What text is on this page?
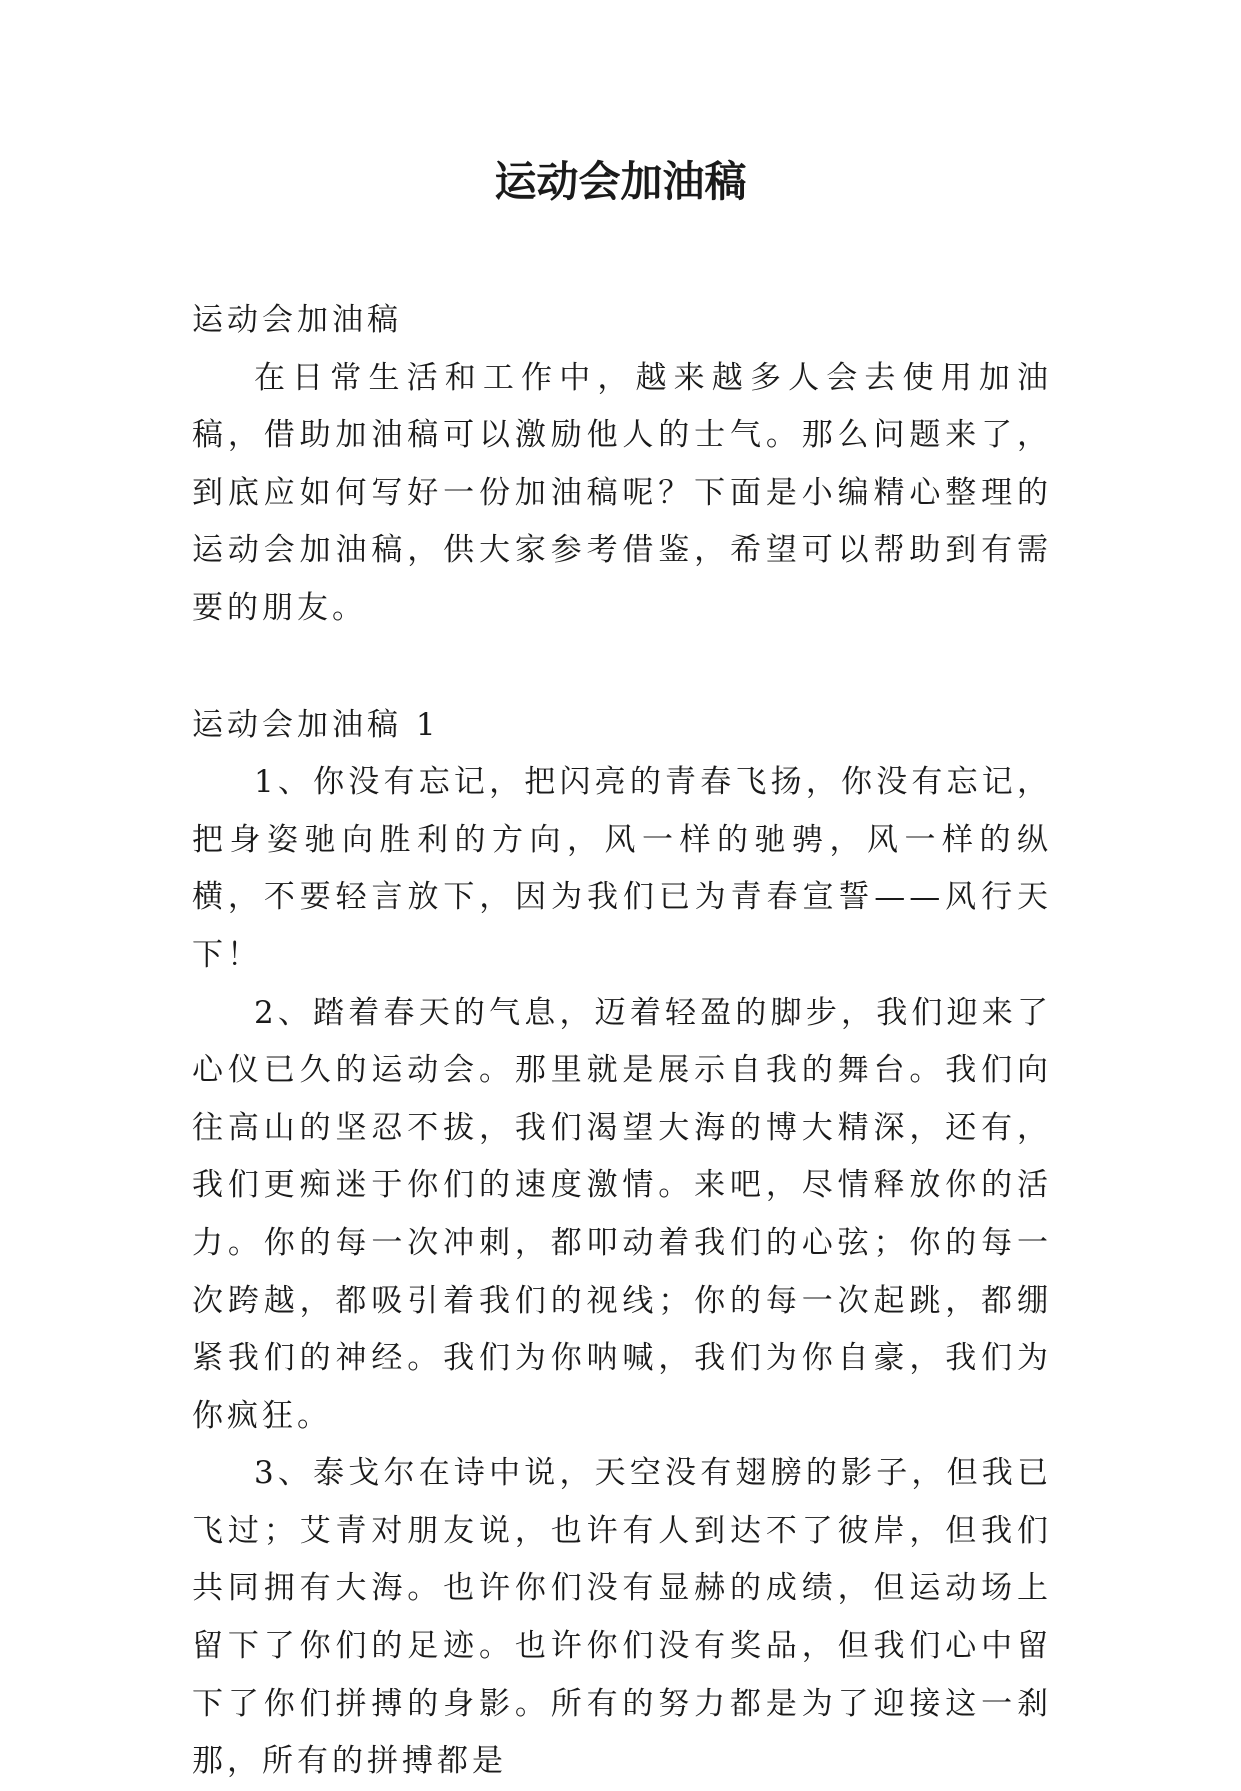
运动会加油稿

运动会加油稿

在日常生活和工作中，越来越多人会去使用加油稿，借助加油稿可以激励他人的士气。那么问题来了，到底应如何写好一份加油稿呢？下面是小编精心整理的运动会加油稿，供大家参考借鉴，希望可以帮助到有需要的朋友。

运动会加油稿 1

1、你没有忘记，把闪亮的青春飞扬，你没有忘记，把身姿驰向胜利的方向，风一样的驰骋，风一样的纵横，不要轻言放下，因为我们已为青春宣誓——风行天下！

2、踏着春天的气息，迈着轻盈的脚步，我们迎来了心仪已久的运动会。那里就是展示自我的舞台。我们向往高山的坚忍不拔，我们渴望大海的博大精深，还有，我们更痴迷于你们的速度激情。来吧，尽情释放你的活力。你的每一次冲刺，都叩动着我们的心弦；你的每一次跨越，都吸引着我们的视线；你的每一次起跳，都绷紧我们的神经。我们为你呐喊，我们为你自豪，我们为你疯狂。

3、泰戈尔在诗中说，天空没有翅膀的影子，但我已飞过；艾青对朋友说，也许有人到达不了彼岸，但我们共同拥有大海。也许你们没有显赫的成绩，但运动场上留下了你们的足迹。也许你们没有奖品，但我们心中留下了你们拼搏的身影。所有的努力都是为了迎接这一刹那，所有的拼搏都是
